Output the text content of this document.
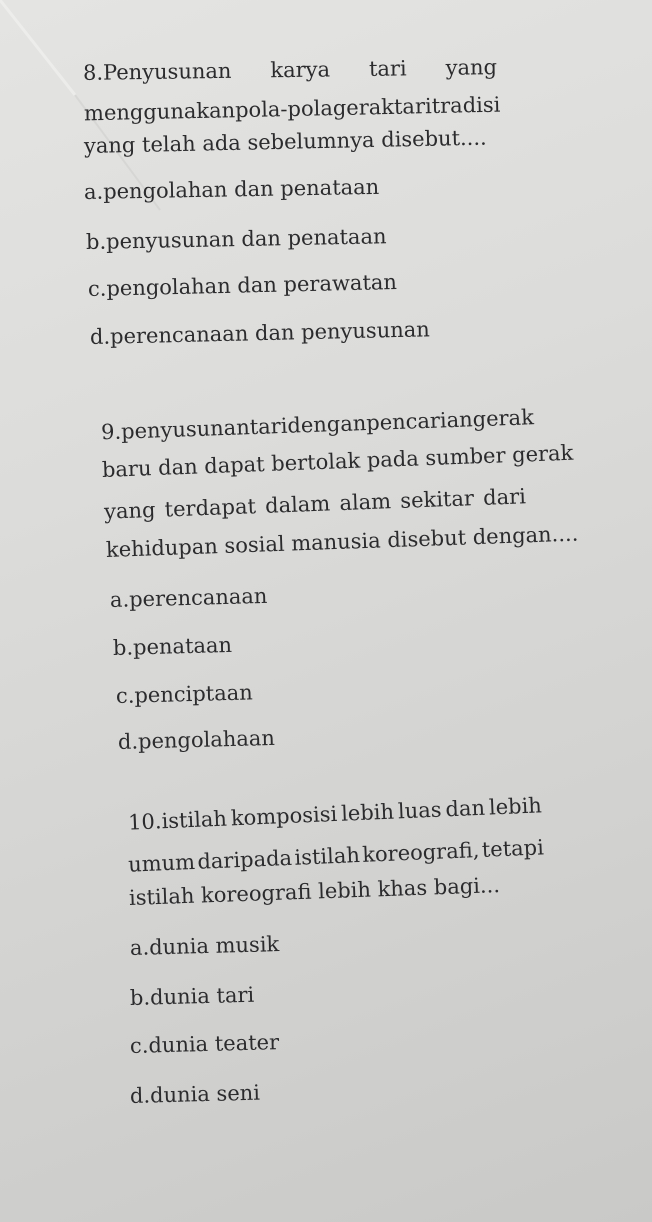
8.Penyusunan karya tari yang
menggunakan pola-pola gerak tari tradisi
yang telah ada sebelumnya disebut....
a.pengolahan dan penataan
b.penyusunan dan penataan
c.pengolahan dan perawatan
d.perencanaan dan penyusunan
9.penyusunan tari dengan pencarian gerak
baru dan dapat bertolak pada sumber gerak
yang terdapat dalam alam sekitar dari
kehidupan sosial manusia disebut dengan....
a.perencanaan
b.penataan
c.penciptaan
d.pengolahaan
10.istilah komposisi lebih luas dan lebih
umum daripada istilah koreografi, tetapi
istilah koreografi lebih khas bagi...
a.dunia musik
b.dunia tari
c.dunia teater
d.dunia seni
